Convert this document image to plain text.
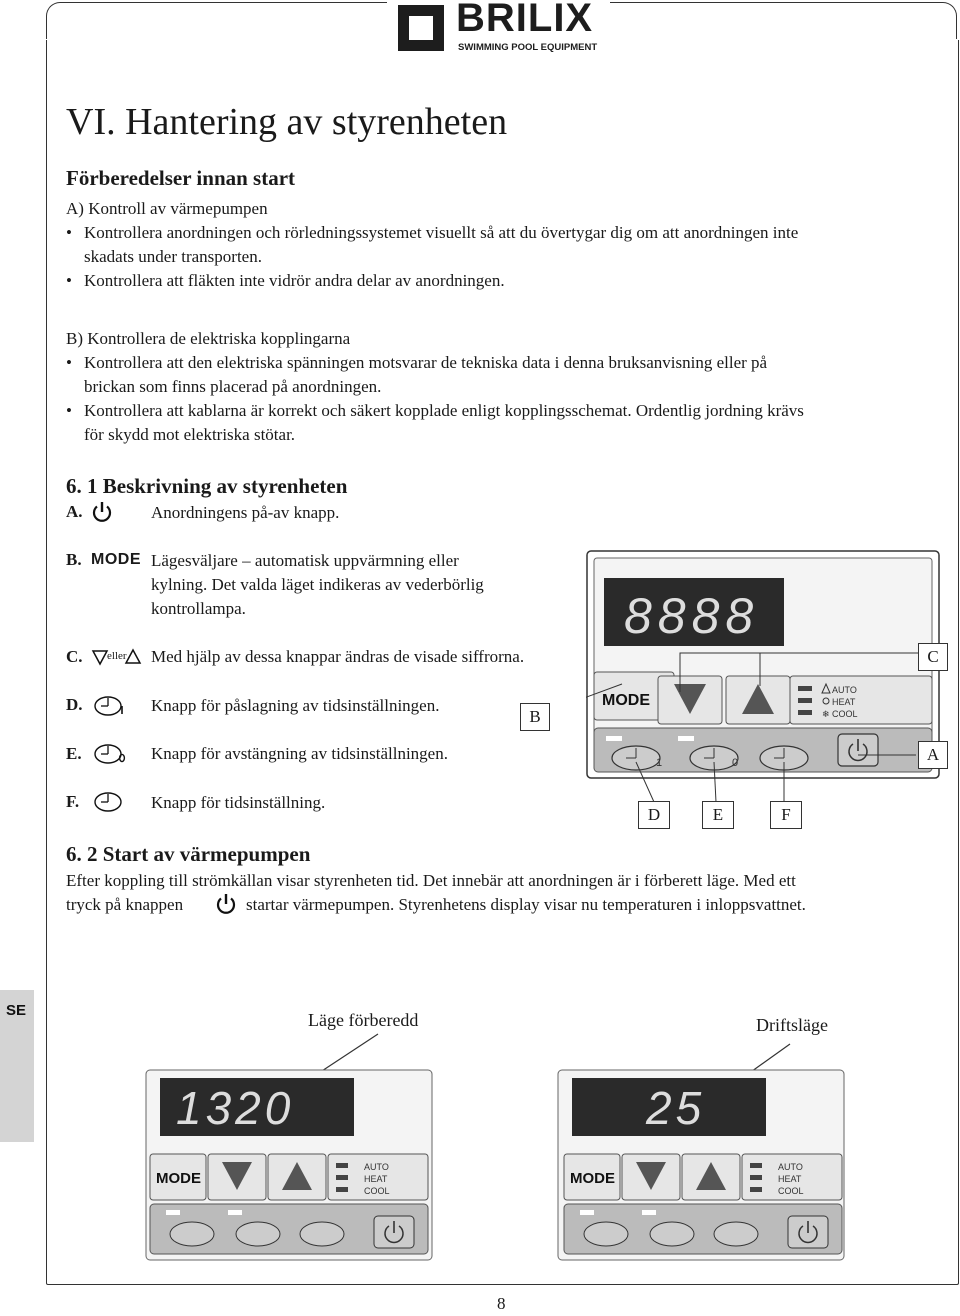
BRILIX
SWIMMING POOL EQUIPMENT
VI. Hantering av styrenheten
Förberedelser innan start
A) Kontroll av värmepumpen
• Kontrollera anordningen och rörledningssystemet visuellt så att du övertygar dig om att anordningen inte
skadats under transporten.
• Kontrollera att fläkten inte vidrör andra delar av anordningen.
B) Kontrollera de elektriska kopplingarna
• Kontrollera att den elektriska spänningen motsvarar de tekniska data i denna bruksanvisning eller på
brickan som finns placerad på anordningen.
• Kontrollera att kablarna är korrekt och säkert kopplade enligt kopplingsschemat. Ordentlig jordning krävs
för skydd mot elektriska stötar.
6. 1 Beskrivning av styrenheten
A.	Anordningens på-av knapp.
B. MODE Lägesväljare – automatisk uppvärmning eller
kylning. Det valda läget indikeras av vederbörlig
kontrollampa.
C. eller Med hjälp av dessa knappar ändras de visade siffrorna.
D.	Knapp för påslagning av tidsinställningen.
E.	Knapp för avstängning av tidsinställningen.
F.	Knapp för tidsinställning.
8888
MODE
AUTO
HEAT
❄ COOL
1	0
C
B
A
D	E	F
6. 2 Start av värmepumpen
Efter koppling till strömkällan visar styrenheten tid. Det innebär att anordningen är i förberett läge. Med ett
tryck på knappen	startar värmepumpen. Styrenhetens display visar nu temperaturen i inloppsvattnet.
SE	Läge förberedd	Driftsläge
1320
MODE
AUTO
HEAT
COOL
25
MODE
AUTO
HEAT
COOL
8
